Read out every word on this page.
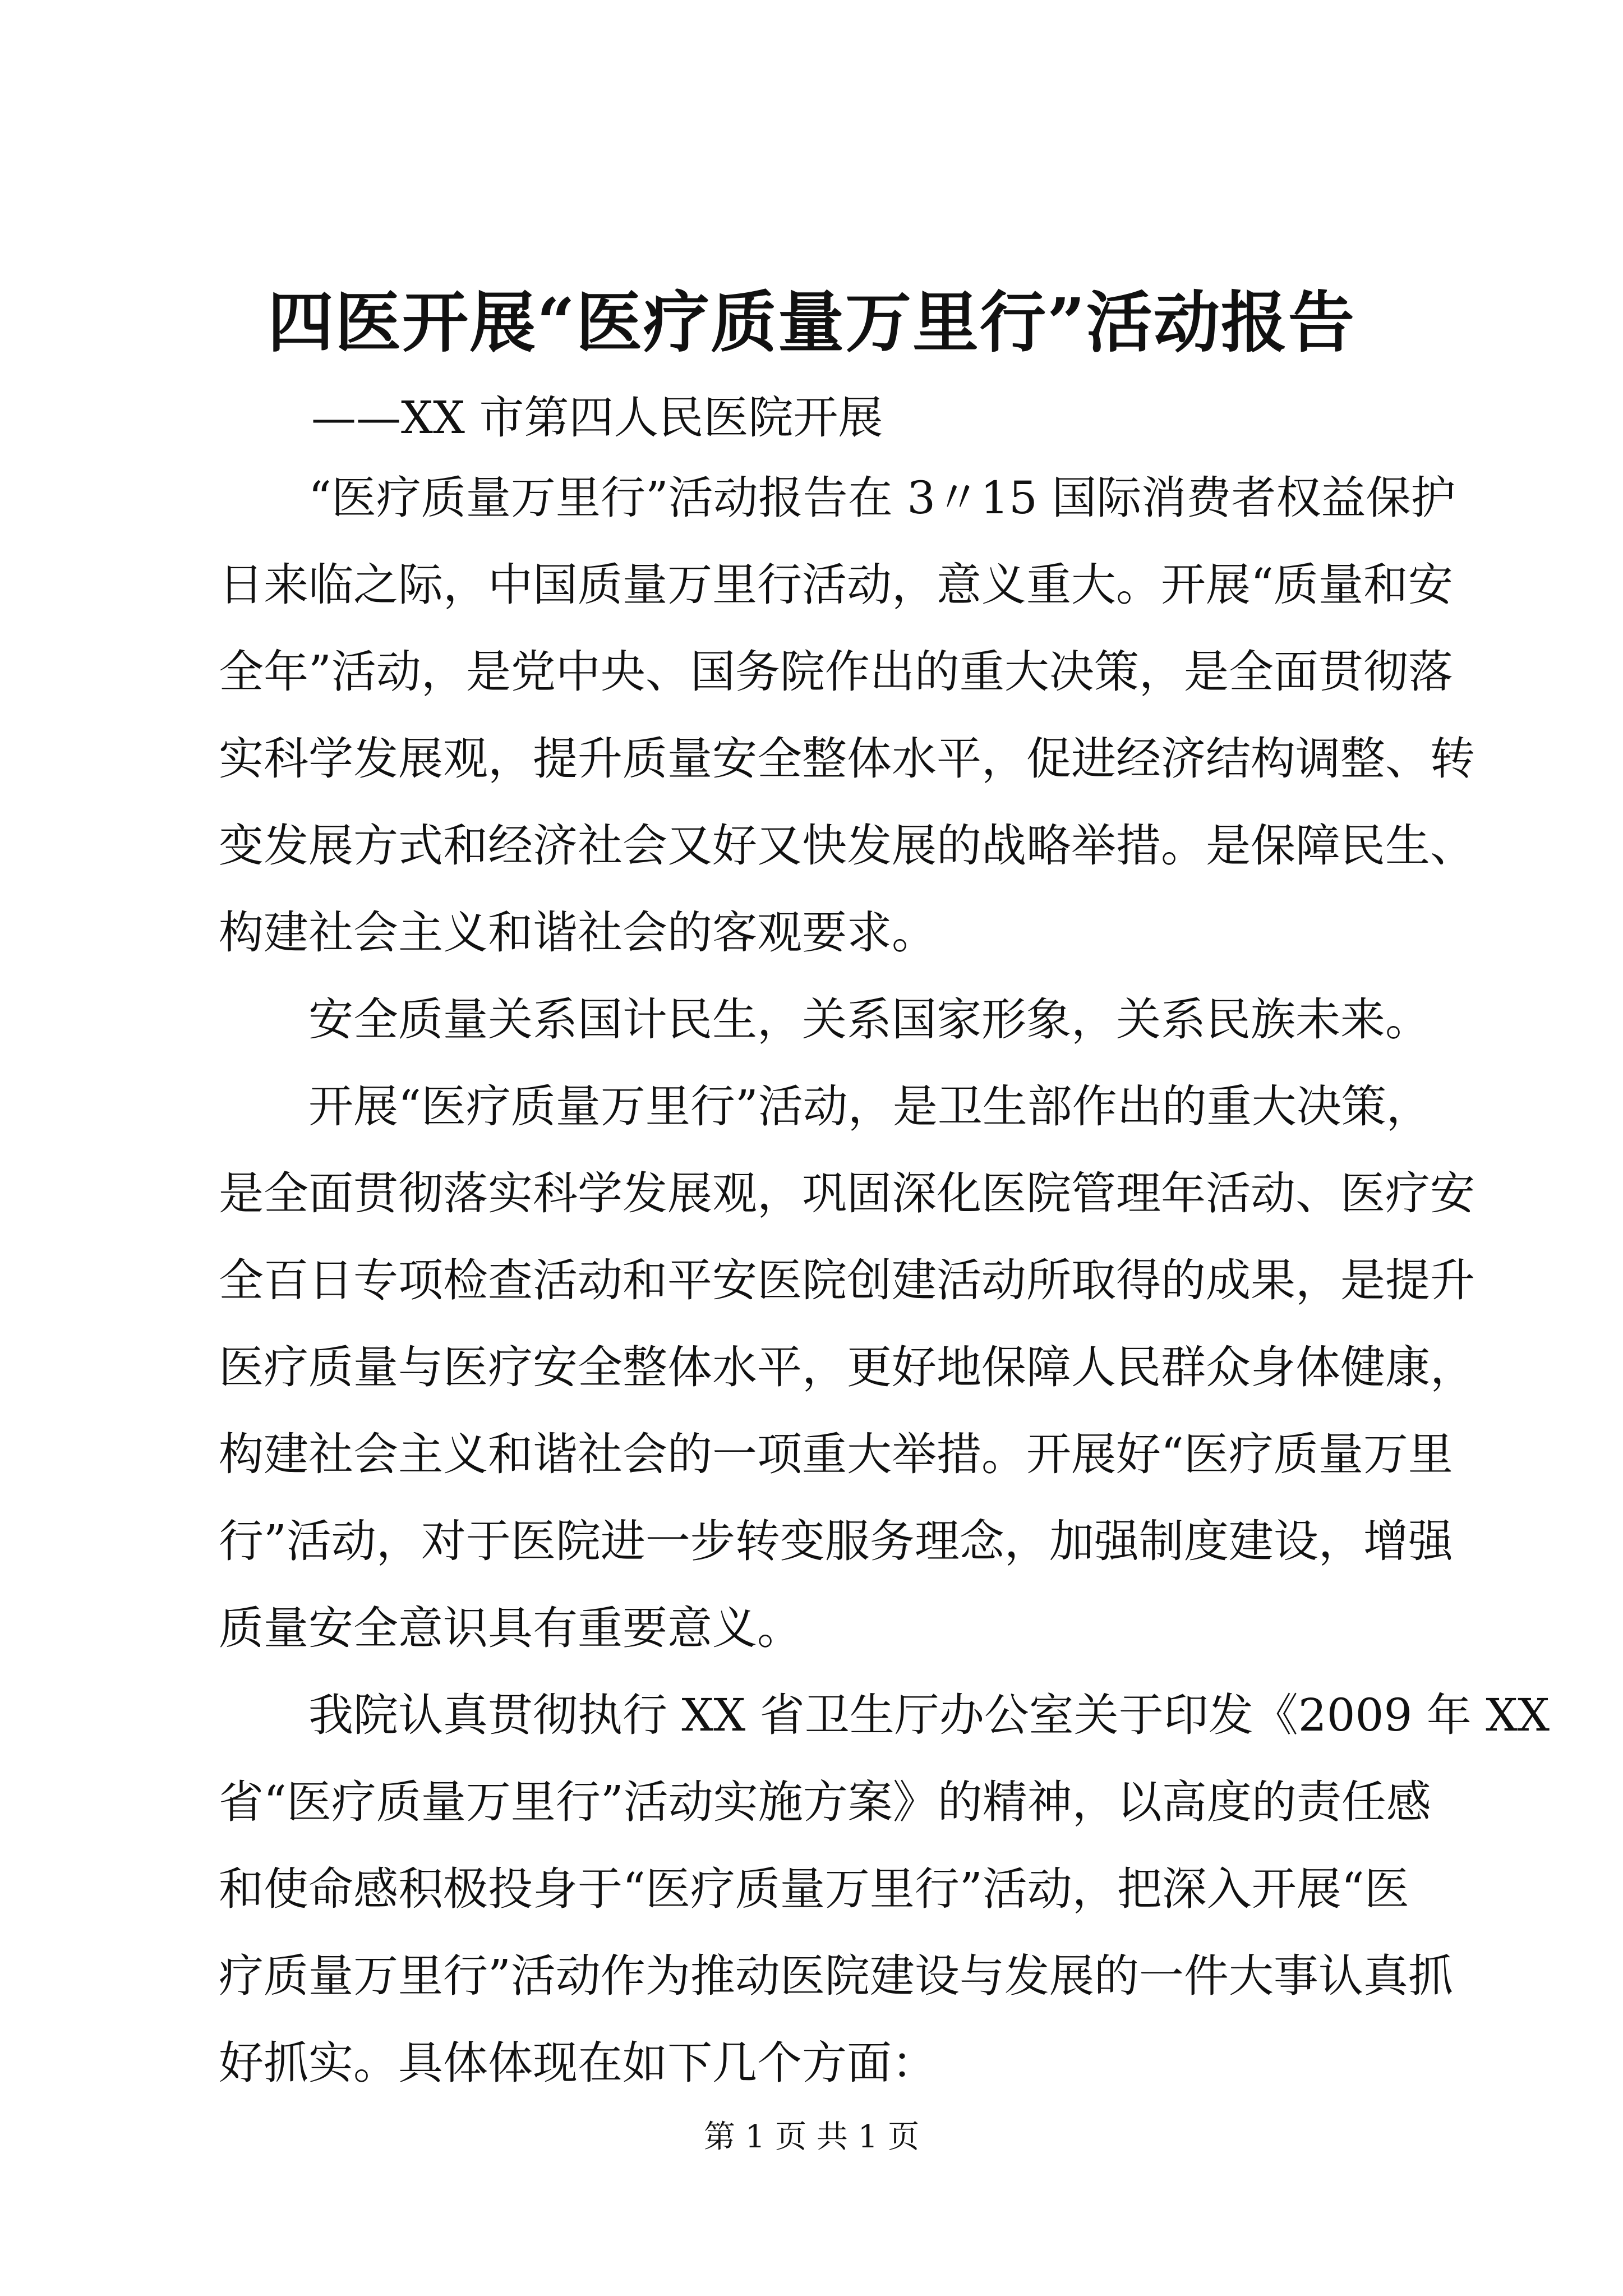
四医开展“医疗质量万里行”活动报告
——XX 市第四人民医院开展
“医疗质量万里行”活动报告在 3〃15 国际消费者权益保护
日来临之际，中国质量万里行活动，意义重大。开展“质量和安
全年”活动，是党中央、国务院作出的重大决策，是全面贯彻落
实科学发展观，提升质量安全整体水平，促进经济结构调整、转
变发展方式和经济社会又好又快发展的战略举措。是保障民生、
构建社会主义和谐社会的客观要求。
安全质量关系国计民生，关系国家形象，关系民族未来。
开展“医疗质量万里行”活动，是卫生部作出的重大决策，
是全面贯彻落实科学发展观，巩固深化医院管理年活动、医疗安
全百日专项检查活动和平安医院创建活动所取得的成果，是提升
医疗质量与医疗安全整体水平，更好地保障人民群众身体健康，
构建社会主义和谐社会的一项重大举措。开展好“医疗质量万里
行”活动，对于医院进一步转变服务理念，加强制度建设，增强
质量安全意识具有重要意义。
我院认真贯彻执行 XX 省卫生厅办公室关于印发《2009 年 XX
省“医疗质量万里行”活动实施方案》的精神，以高度的责任感
和使命感积极投身于“医疗质量万里行”活动，把深入开展“医
疗质量万里行”活动作为推动医院建设与发展的一件大事认真抓
好抓实。具体体现在如下几个方面：
第 1 页 共 1 页
